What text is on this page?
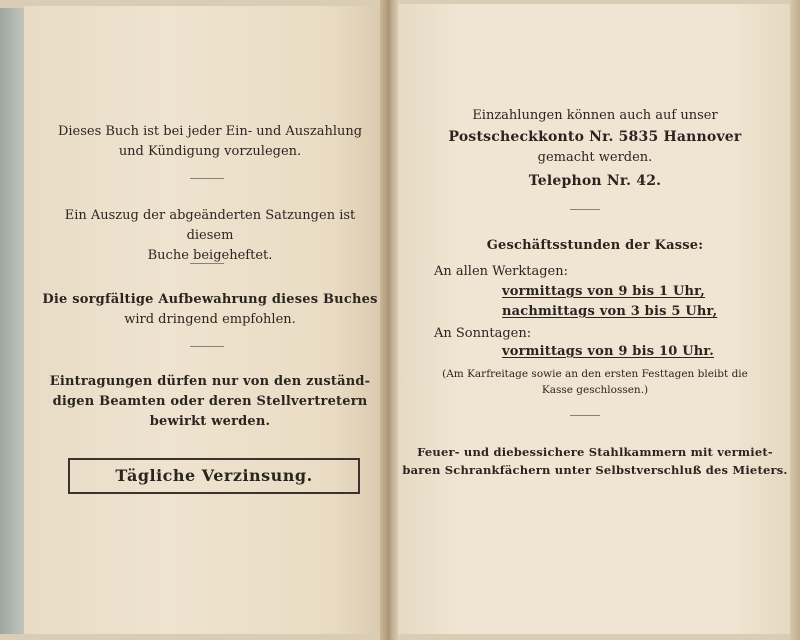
Dieses Buch ist bei jeder Ein- und Auszahlung
und Kündigung vorzulegen.
Ein Auszug der abgeänderten Satzungen ist diesem
Buche beigeheftet.
Die sorgfältige Aufbewahrung dieses Buches
wird dringend empfohlen.
Eintragungen dürfen nur von den zuständ-
digen Beamten oder deren Stellvertretern
bewirkt werden.
Tägliche Verzinsung.
Einzahlungen können auch auf unser
Postscheckkonto Nr. 5835 Hannover
gemacht werden.
Telephon Nr. 42.
Geschäftsstunden der Kasse:
An allen Werktagen:
vormittags von 9 bis 1 Uhr,
nachmittags von 3 bis 5 Uhr,
An Sonntagen:
vormittags von 9 bis 10 Uhr.
(Am Karfreitage sowie an den ersten Festtagen bleibt die
Kasse geschlossen.)
Feuer- und diebessichere Stahlkammern mit vermiet-
baren Schrankfächern unter Selbstverschluß des Mieters.
